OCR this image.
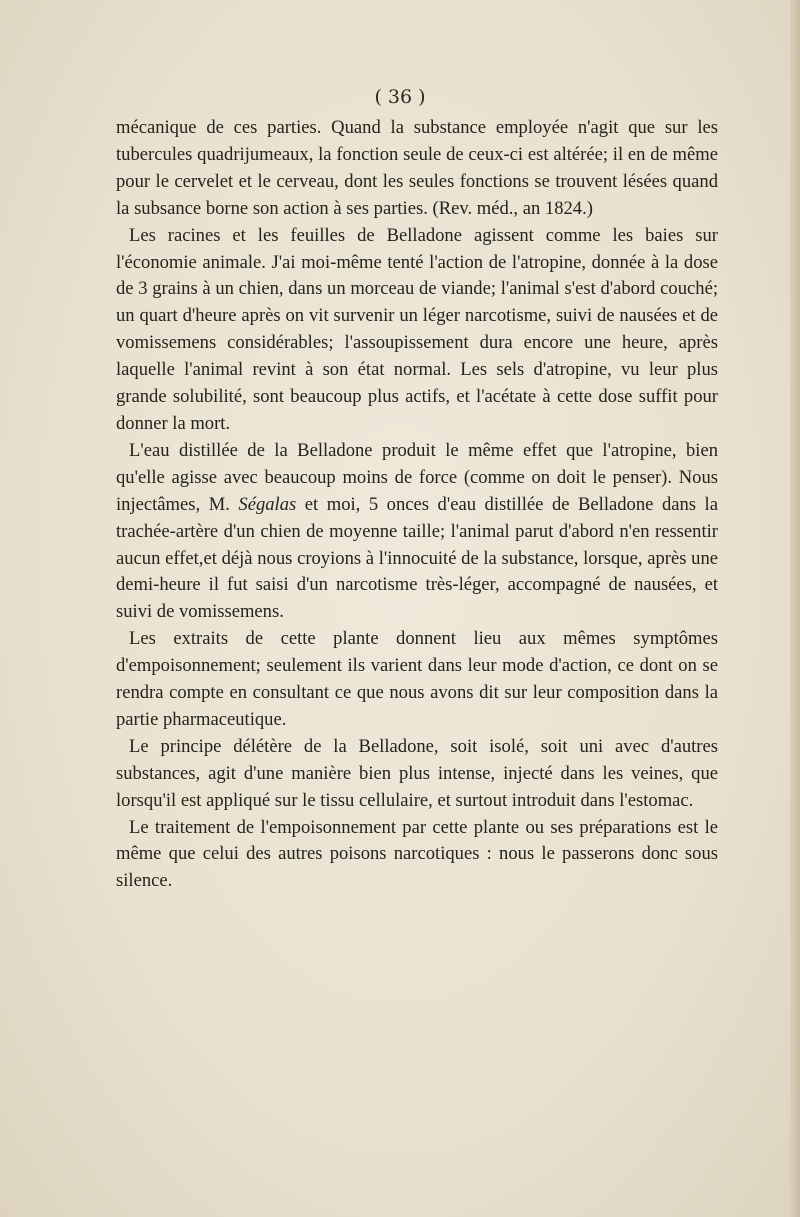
( 36 )

mécanique de ces parties. Quand la substance employée n'agit que sur les tubercules quadrijumeaux, la fonction seule de ceux-ci est altérée; il en de même pour le cervelet et le cerveau, dont les seules fonctions se trouvent lésées quand la subsance borne son action à ses parties. (Rev. méd., an 1824.)

Les racines et les feuilles de Belladone agissent comme les baies sur l'économie animale. J'ai moi-même tenté l'action de l'atropine, donnée à la dose de 3 grains à un chien, dans un morceau de viande; l'animal s'est d'abord couché; un quart d'heure après on vit survenir un léger narcotisme, suivi de nausées et de vomissemens considérables; l'assoupissement dura encore une heure, après laquelle l'animal revint à son état normal. Les sels d'atropine, vu leur plus grande solubilité, sont beaucoup plus actifs, et l'acétate à cette dose suffit pour donner la mort.

L'eau distillée de la Belladone produit le même effet que l'atropine, bien qu'elle agisse avec beaucoup moins de force (comme on doit le penser). Nous injectâmes, M. Ségalas et moi, 5 onces d'eau distillée de Belladone dans la trachée-artère d'un chien de moyenne taille; l'animal parut d'abord n'en ressentir aucun effet,et déjà nous croyions à l'innocuité de la substance, lorsque, après une demi-heure il fut saisi d'un narcotisme très-léger, accompagné de nausées, et suivi de vomissemens.

Les extraits de cette plante donnent lieu aux mêmes symptômes d'empoisonnement; seulement ils varient dans leur mode d'action, ce dont on se rendra compte en consultant ce que nous avons dit sur leur composition dans la partie pharmaceutique.

Le principe délétère de la Belladone, soit isolé, soit uni avec d'autres substances, agit d'une manière bien plus intense, injecté dans les veines, que lorsqu'il est appliqué sur le tissu cellulaire, et surtout introduit dans l'estomac.

Le traitement de l'empoisonnement par cette plante ou ses préparations est le même que celui des autres poisons narcotiques : nous le passerons donc sous silence.
